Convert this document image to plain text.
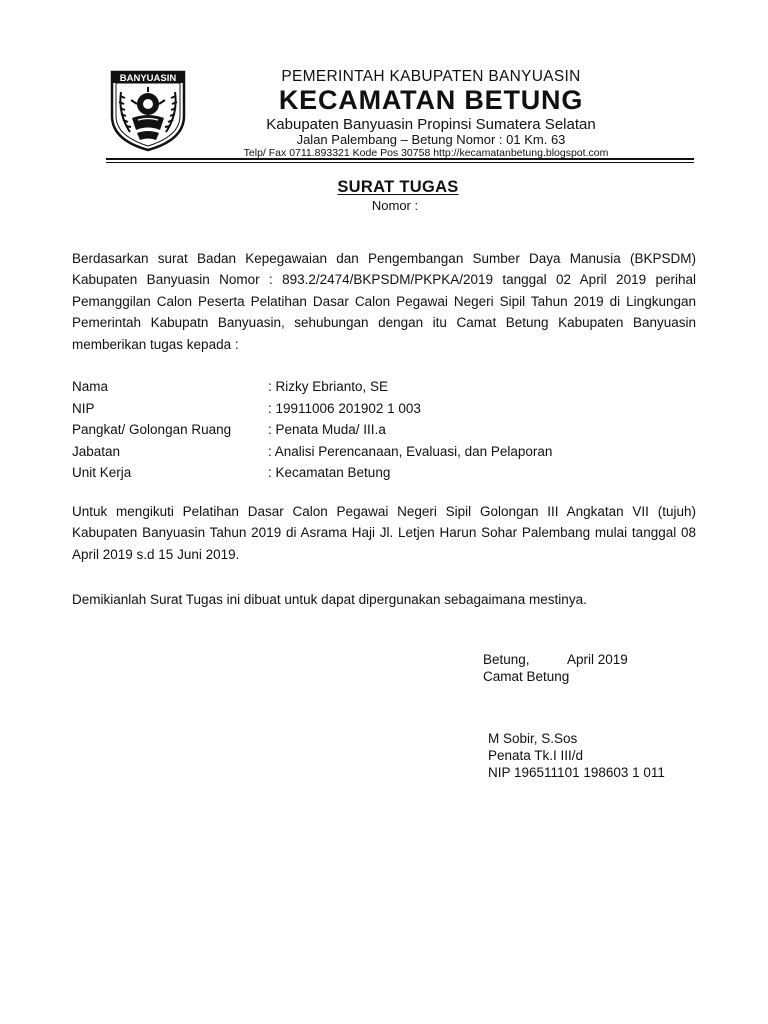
BANYUASIN	PEMERINTAH KABUPATEN BANYUASIN
KECAMATAN BETUNG
Kabupaten Banyuasin Propinsi Sumatera Selatan
Jalan Palembang – Betung Nomor : 01 Km. 63
Telp/ Fax 0711.893321 Kode Pos 30758 http://kecamatanbetung.blogspot.com
SURAT TUGAS
Nomor :
Berdasarkan surat Badan Kepegawaian dan Pengembangan Sumber Daya Manusia (BKPSDM) Kabupaten Banyuasin Nomor : 893.2/2474/BKPSDM/PKPKA/2019 tanggal 02 April 2019 perihal Pemanggilan Calon Peserta Pelatihan Dasar Calon Pegawai Negeri Sipil Tahun 2019 di Lingkungan Pemerintah Kabupatn Banyuasin, sehubungan dengan itu Camat Betung Kabupaten Banyuasin memberikan tugas kepada :
Nama	: Rizky Ebrianto, SE
NIP	: 19911006 201902 1 003
Pangkat/ Golongan Ruang	: Penata Muda/ III.a
Jabatan	: Analisi Perencanaan, Evaluasi, dan Pelaporan
Unit Kerja	: Kecamatan Betung
Untuk mengikuti Pelatihan Dasar Calon Pegawai Negeri Sipil Golongan III Angkatan VII (tujuh) Kabupaten Banyuasin Tahun 2019 di Asrama Haji Jl. Letjen Harun Sohar Palembang mulai tanggal 08 April 2019 s.d 15 Juni 2019.
Demikianlah Surat Tugas ini dibuat untuk dapat dipergunakan sebagaimana mestinya.
Betung,	April 2019
Camat Betung
M Sobir, S.Sos
Penata Tk.I III/d
NIP 196511101 198603 1 011
